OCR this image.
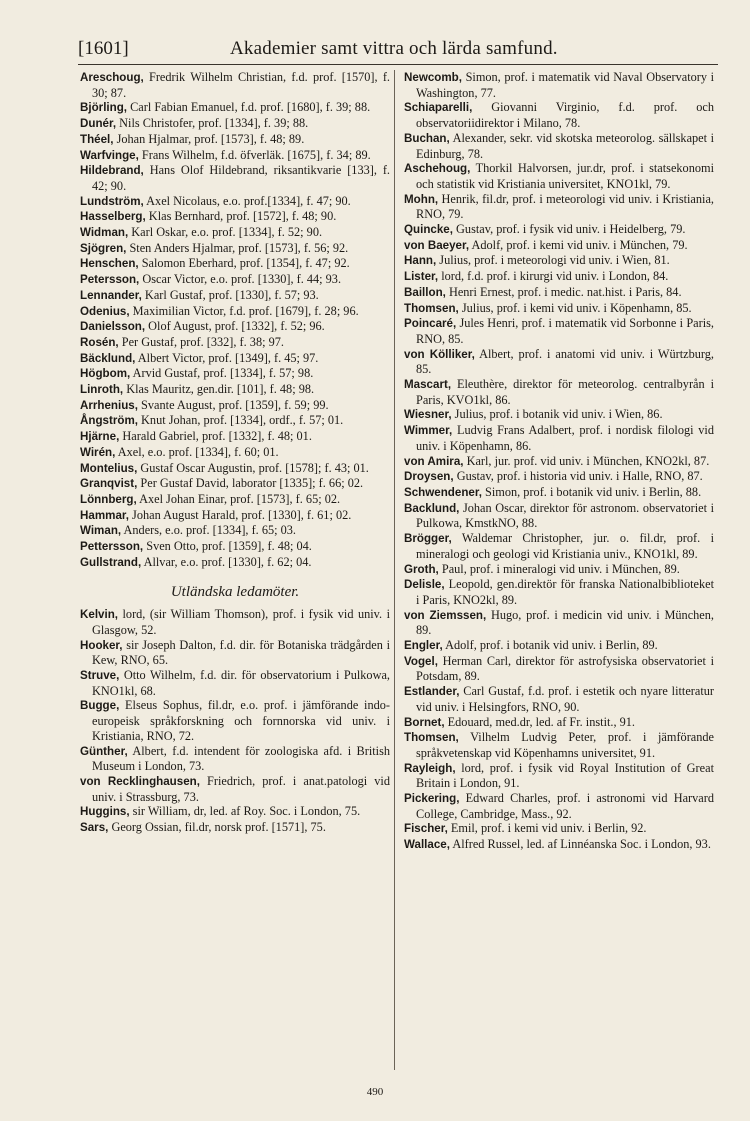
[1601]	Akademier samt vittra och lärda samfund.

Areschoug, Fredrik Wilhelm Christian, f.d. prof. [1570], f. 30; 87.

Björling, Carl Fabian Emanuel, f.d. prof. [1680], f. 39; 88.

Dunér, Nils Christofer, prof. [1334], f. 39; 88.

Théel, Johan Hjalmar, prof. [1573], f. 48; 89.

Warfvinge, Frans Wilhelm, f.d. öfverläk. [1675], f. 34; 89.

Hildebrand, Hans Olof Hildebrand, riksantikvarie [133], f. 42; 90.

Lundström, Axel Nicolaus, e.o. prof.[1334], f. 47; 90.

Hasselberg, Klas Bernhard, prof. [1572], f. 48; 90.

Widman, Karl Oskar, e.o. prof. [1334], f. 52; 90.

Sjögren, Sten Anders Hjalmar, prof. [1573], f. 56; 92.

Henschen, Salomon Eberhard, prof. [1354], f. 47; 92.

Petersson, Oscar Victor, e.o. prof. [1330], f. 44; 93.

Lennander, Karl Gustaf, prof. [1330], f. 57; 93.

Odenius, Maximilian Victor, f.d. prof. [1679], f. 28; 96.

Danielsson, Olof August, prof. [1332], f. 52; 96.

Rosén, Per Gustaf, prof. [332], f. 38; 97.

Bäcklund, Albert Victor, prof. [1349], f. 45; 97.

Högbom, Arvid Gustaf, prof. [1334], f. 57; 98.

Linroth, Klas Mauritz, gen.dir. [101], f. 48; 98.

Arrhenius, Svante August, prof. [1359], f. 59; 99.

Ångström, Knut Johan, prof. [1334], ordf., f. 57; 01.

Hjärne, Harald Gabriel, prof. [1332], f. 48; 01.

Wirén, Axel, e.o. prof. [1334], f. 60; 01.

Montelius, Gustaf Oscar Augustin, prof. [1578]; f. 43; 01.

Granqvist, Per Gustaf David, laborator [1335]; f. 66; 02.

Lönnberg, Axel Johan Einar, prof. [1573], f. 65; 02.

Hammar, Johan August Harald, prof. [1330], f. 61; 02.

Wiman, Anders, e.o. prof. [1334], f. 65; 03.

Pettersson, Sven Otto, prof. [1359], f. 48; 04.

Gullstrand, Allvar, e.o. prof. [1330], f. 62; 04.

Utländska ledamöter.

Kelvin, lord, (sir William Thomson), prof. i fysik vid univ. i Glasgow, 52.

Hooker, sir Joseph Dalton, f.d. dir. för Botaniska trädgården i Kew, RNO, 65.

Struve, Otto Wilhelm, f.d. dir. för observatorium i Pulkowa, KNO1kl, 68.

Bugge, Elseus Sophus, fil.dr, e.o. prof. i jämförande indo-europeisk språkforskning och fornnorska vid univ. i Kristiania, RNO, 72.

Günther, Albert, f.d. intendent för zoologiska afd. i British Museum i London, 73.

von Recklinghausen, Friedrich, prof. i anat.patologi vid univ. i Strassburg, 73.

Huggins, sir William, dr, led. af Roy. Soc. i London, 75.

Sars, Georg Ossian, fil.dr, norsk prof. [1571], 75.

Newcomb, Simon, prof. i matematik vid Naval Observatory i Washington, 77.

Schiaparelli, Giovanni Virginio, f.d. prof. och observatoriidirektor i Milano, 78.

Buchan, Alexander, sekr. vid skotska meteorolog. sällskapet i Edinburg, 78.

Aschehoug, Thorkil Halvorsen, jur.dr, prof. i statsekonomi och statistik vid Kristiania universitet, KNO1kl, 79.

Mohn, Henrik, fil.dr, prof. i meteorologi vid univ. i Kristiania, RNO, 79.

Quincke, Gustav, prof. i fysik vid univ. i Heidelberg, 79.

von Baeyer, Adolf, prof. i kemi vid univ. i München, 79.

Hann, Julius, prof. i meteorologi vid univ. i Wien, 81.

Lister, lord, f.d. prof. i kirurgi vid univ. i London, 84.

Baillon, Henri Ernest, prof. i medic. nat.hist. i Paris, 84.

Thomsen, Julius, prof. i kemi vid univ. i Köpenhamn, 85.

Poincaré, Jules Henri, prof. i matematik vid Sorbonne i Paris, RNO, 85.

von Kölliker, Albert, prof. i anatomi vid univ. i Würtzburg, 85.

Mascart, Eleuthère, direktor för meteorolog. centralbyrån i Paris, KVO1kl, 86.

Wiesner, Julius, prof. i botanik vid univ. i Wien, 86.

Wimmer, Ludvig Frans Adalbert, prof. i nordisk filologi vid univ. i Köpenhamn, 86.

von Amira, Karl, jur. prof. vid univ. i München, KNO2kl, 87.

Droysen, Gustav, prof. i historia vid univ. i Halle, RNO, 87.

Schwendener, Simon, prof. i botanik vid univ. i Berlin, 88.

Backlund, Johan Oscar, direktor för astronom. observatoriet i Pulkowa, KmstkNO, 88.

Brögger, Waldemar Christopher, jur. o. fil.dr, prof. i mineralogi och geologi vid Kristiania univ., KNO1kl, 89.

Groth, Paul, prof. i mineralogi vid univ. i München, 89.

Delisle, Leopold, gen.direktör för franska Nationalbiblioteket i Paris, KNO2kl, 89.

von Ziemssen, Hugo, prof. i medicin vid univ. i München, 89.

Engler, Adolf, prof. i botanik vid univ. i Berlin, 89.

Vogel, Herman Carl, direktor för astrofysiska observatoriet i Potsdam, 89.

Estlander, Carl Gustaf, f.d. prof. i estetik och nyare litteratur vid univ. i Helsingfors, RNO, 90.

Bornet, Edouard, med.dr, led. af Fr. instit., 91.

Thomsen, Vilhelm Ludvig Peter, prof. i jämförande språkvetenskap vid Köpenhamns universitet, 91.

Rayleigh, lord, prof. i fysik vid Royal Institution of Great Britain i London, 91.

Pickering, Edward Charles, prof. i astronomi vid Harvard College, Cambridge, Mass., 92.

Fischer, Emil, prof. i kemi vid univ. i Berlin, 92.

Wallace, Alfred Russel, led. af Linnéanska Soc. i London, 93.

490
